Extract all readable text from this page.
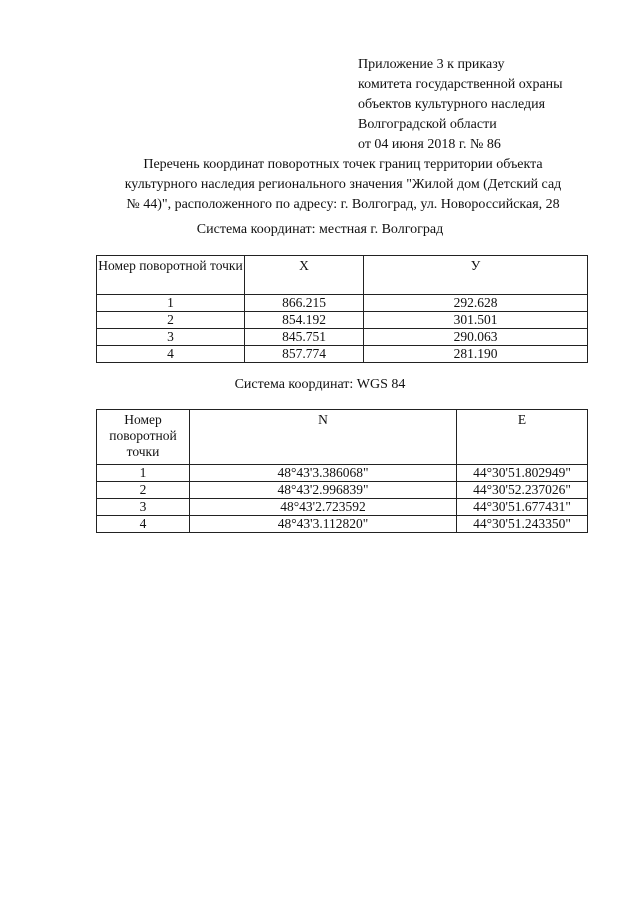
Приложение 3 к приказу
комитета государственной охраны
объектов культурного наследия
Волгоградской области
от 04 июня 2018 г. № 86
Перечень координат поворотных точек границ территории объекта
культурного наследия регионального значения "Жилой дом (Детский сад
№ 44)", расположенного по адресу: г. Волгоград, ул. Новороссийская, 28
Система координат: местная г. Волгоград
Номер поворотной точки	X	У
1	866.215	292.628
2	854.192	301.501
3	845.751	290.063
4	857.774	281.190
Система координат: WGS 84
Номер поворотной точки	N	E
1	48°43'3.386068"	44°30'51.802949"
2	48°43'2.996839"	44°30'52.237026"
3	48°43'2.723592	44°30'51.677431"
4	48°43'3.112820"	44°30'51.243350"
